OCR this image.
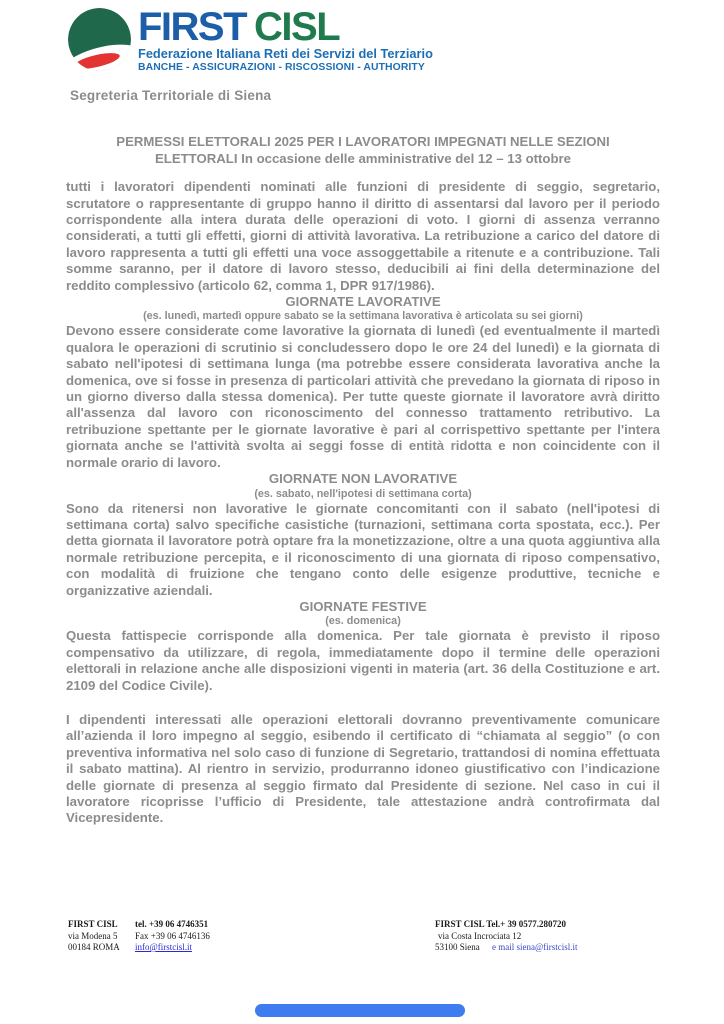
FIRST CISL
Federazione Italiana Reti dei Servizi del Terziario
BANCHE - ASSICURAZIONI - RISCOSSIONI - AUTHORITY
Segreteria Territoriale di Siena
PERMESSI ELETTORALI 2025 PER I LAVORATORI IMPEGNATI NELLE SEZIONI
ELETTORALI In occasione delle amministrative del 12 – 13 ottobre
tutti i lavoratori dipendenti nominati alle funzioni di presidente di seggio, segretario, scrutatore o rappresentante di gruppo hanno il diritto di assentarsi dal lavoro per il periodo corrispondente alla intera durata delle operazioni di voto. I giorni di assenza verranno considerati, a tutti gli effetti, giorni di attività lavorativa. La retribuzione a carico del datore di lavoro rappresenta a tutti gli effetti una voce assoggettabile a ritenute e a contribuzione. Tali somme saranno, per il datore di lavoro stesso, deducibili ai fini della determinazione del reddito complessivo (articolo 62, comma 1, DPR 917/1986).
GIORNATE LAVORATIVE
(es. lunedì, martedì oppure sabato se la settimana lavorativa è articolata su sei giorni)
Devono essere considerate come lavorative la giornata di lunedì (ed eventualmente il martedì qualora le operazioni di scrutinio si concludessero dopo le ore 24 del lunedì) e la giornata di sabato nell'ipotesi di settimana lunga (ma potrebbe essere considerata lavorativa anche la domenica, ove si fosse in presenza di particolari attività che prevedano la giornata di riposo in un giorno diverso dalla stessa domenica). Per tutte queste giornate il lavoratore avrà diritto all'assenza dal lavoro con riconoscimento del connesso trattamento retributivo. La retribuzione spettante per le giornate lavorative è pari al corrispettivo spettante per l'intera giornata anche se l'attività svolta ai seggi fosse di entità ridotta e non coincidente con il normale orario di lavoro.
GIORNATE NON LAVORATIVE
(es. sabato, nell'ipotesi di settimana corta)
Sono da ritenersi non lavorative le giornate concomitanti con il sabato (nell'ipotesi di settimana corta) salvo specifiche casistiche (turnazioni, settimana corta spostata, ecc.). Per detta giornata il lavoratore potrà optare fra la monetizzazione, oltre a una quota aggiuntiva alla normale retribuzione percepita, e il riconoscimento di una giornata di riposo compensativo, con modalità di fruizione che tengano conto delle esigenze produttive, tecniche e organizzative aziendali.
GIORNATE FESTIVE
(es. domenica)
Questa fattispecie corrisponde alla domenica. Per tale giornata è previsto il riposo compensativo da utilizzare, di regola, immediatamente dopo il termine delle operazioni elettorali in relazione anche alle disposizioni vigenti in materia (art. 36 della Costituzione e art. 2109 del Codice Civile).
I dipendenti interessati alle operazioni elettorali dovranno preventivamente comunicare all’azienda il loro impegno al seggio, esibendo il certificato di “chiamata al seggio” (o con preventiva informativa nel solo caso di funzione di Segretario, trattandosi di nomina effettuata il sabato mattina). Al rientro in servizio, produrranno idoneo giustificativo con l’indicazione delle giornate di presenza al seggio firmato dal Presidente di sezione. Nel caso in cui il lavoratore ricoprisse l’ufficio di Presidente, tale attestazione andrà controfirmata dal Vicepresidente.
FIRST CISL	tel. +39 06 4746351
via Modena 5	Fax +39 06 4746136
00184 ROMA	info@firstcisl.it
FIRST CISL Tel.+ 39 0577.280720
via Costa Incrociata 12
53100 Siena e mail siena@firstcisl.it
